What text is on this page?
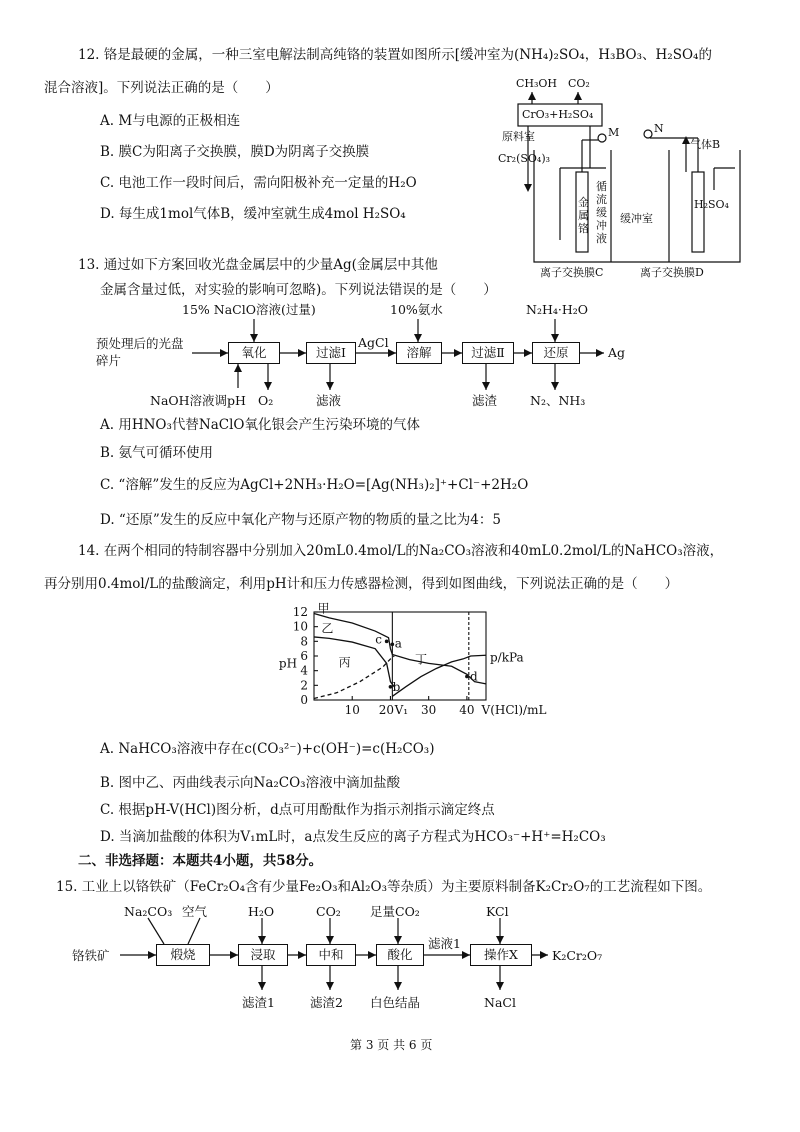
12. 铬是最硬的金属，一种三室电解法制高纯铬的装置如图所示[缓冲室为(NH₄)₂SO₄，H₃BO₃、H₂SO₄的
混合溶液]。下列说法正确的是（　　）
A. M与电源的正极相连
B. 膜C为阳离子交换膜，膜D为阴离子交换膜
C. 电池工作一段时间后，需向阳极补充一定量的H₂O
D. 每生成1mol气体B，缓冲室就生成4mol H₂SO₄
CH₃OH CO₂
CrO₃+H₂SO₄
原料室
Cr₂(SO₄)₃
M	N
气体B
循流缓冲液
金属铬
缓冲室
H₂SO₄
离子交换膜C	离子交换膜D
13. 通过如下方案回收光盘金属层中的少量Ag(金属层中其他
金属含量过低，对实验的影响可忽略)。下列说法错误的是（　　）
15% NaClO溶液(过量)	10%氨水	N₂H₄·H₂O
预处理后的光盘碎片
氧化	过滤Ⅰ
AgCl
溶解	过滤Ⅱ	还原	Ag
NaOH溶液调pH O₂	滤液	滤渣	N₂、NH₃
A. 用HNO₃代替NaClO氧化银会产生污染环境的气体
B. 氨气可循环使用
C. “溶解”发生的反应为AgCl+2NH₃·H₂O=[Ag(NH₃)₂]⁺+Cl⁻+2H₂O
D. “还原”发生的反应中氧化产物与还原产物的物质的量之比为4：5
14. 在两个相同的特制容器中分别加入20mL0.4mol/L的Na₂CO₃溶液和40mL0.2mol/L的NaHCO₃溶液，
再分别用0.4mol/L的盐酸滴定，利用pH计和压力传感器检测，得到如图曲线，下列说法正确的是（　　）
0
2
4
6
8
10
12
10 20 30 40
V₁
pH	p/kPa
V(HCl)/mL
甲
乙
丙	丁
a
b
c
d
A. NaHCO₃溶液中存在c(CO₃²⁻)+c(OH⁻)=c(H₂CO₃)
B. 图中乙、丙曲线表示向Na₂CO₃溶液中滴加盐酸
C. 根据pH-V(HCl)图分析，d点可用酚酞作为指示剂指示滴定终点
D. 当滴加盐酸的体积为V₁mL时，a点发生反应的离子方程式为HCO₃⁻+H⁺=H₂CO₃
二、非选择题：本题共4小题，共58分。
15. 工业上以铬铁矿（FeCr₂O₄含有少量Fe₂O₃和Al₂O₃等杂质）为主要原料制备K₂Cr₂O₇的工艺流程如下图。
Na₂CO₃ 空气	H₂O	CO₂ 足量CO₂	KCl
铬铁矿	煅烧	浸取	中和	酸化
滤液1
操作X	K₂Cr₂O₇
滤渣1	滤渣2 白色结晶	NaCl
第 3 页 共 6 页
